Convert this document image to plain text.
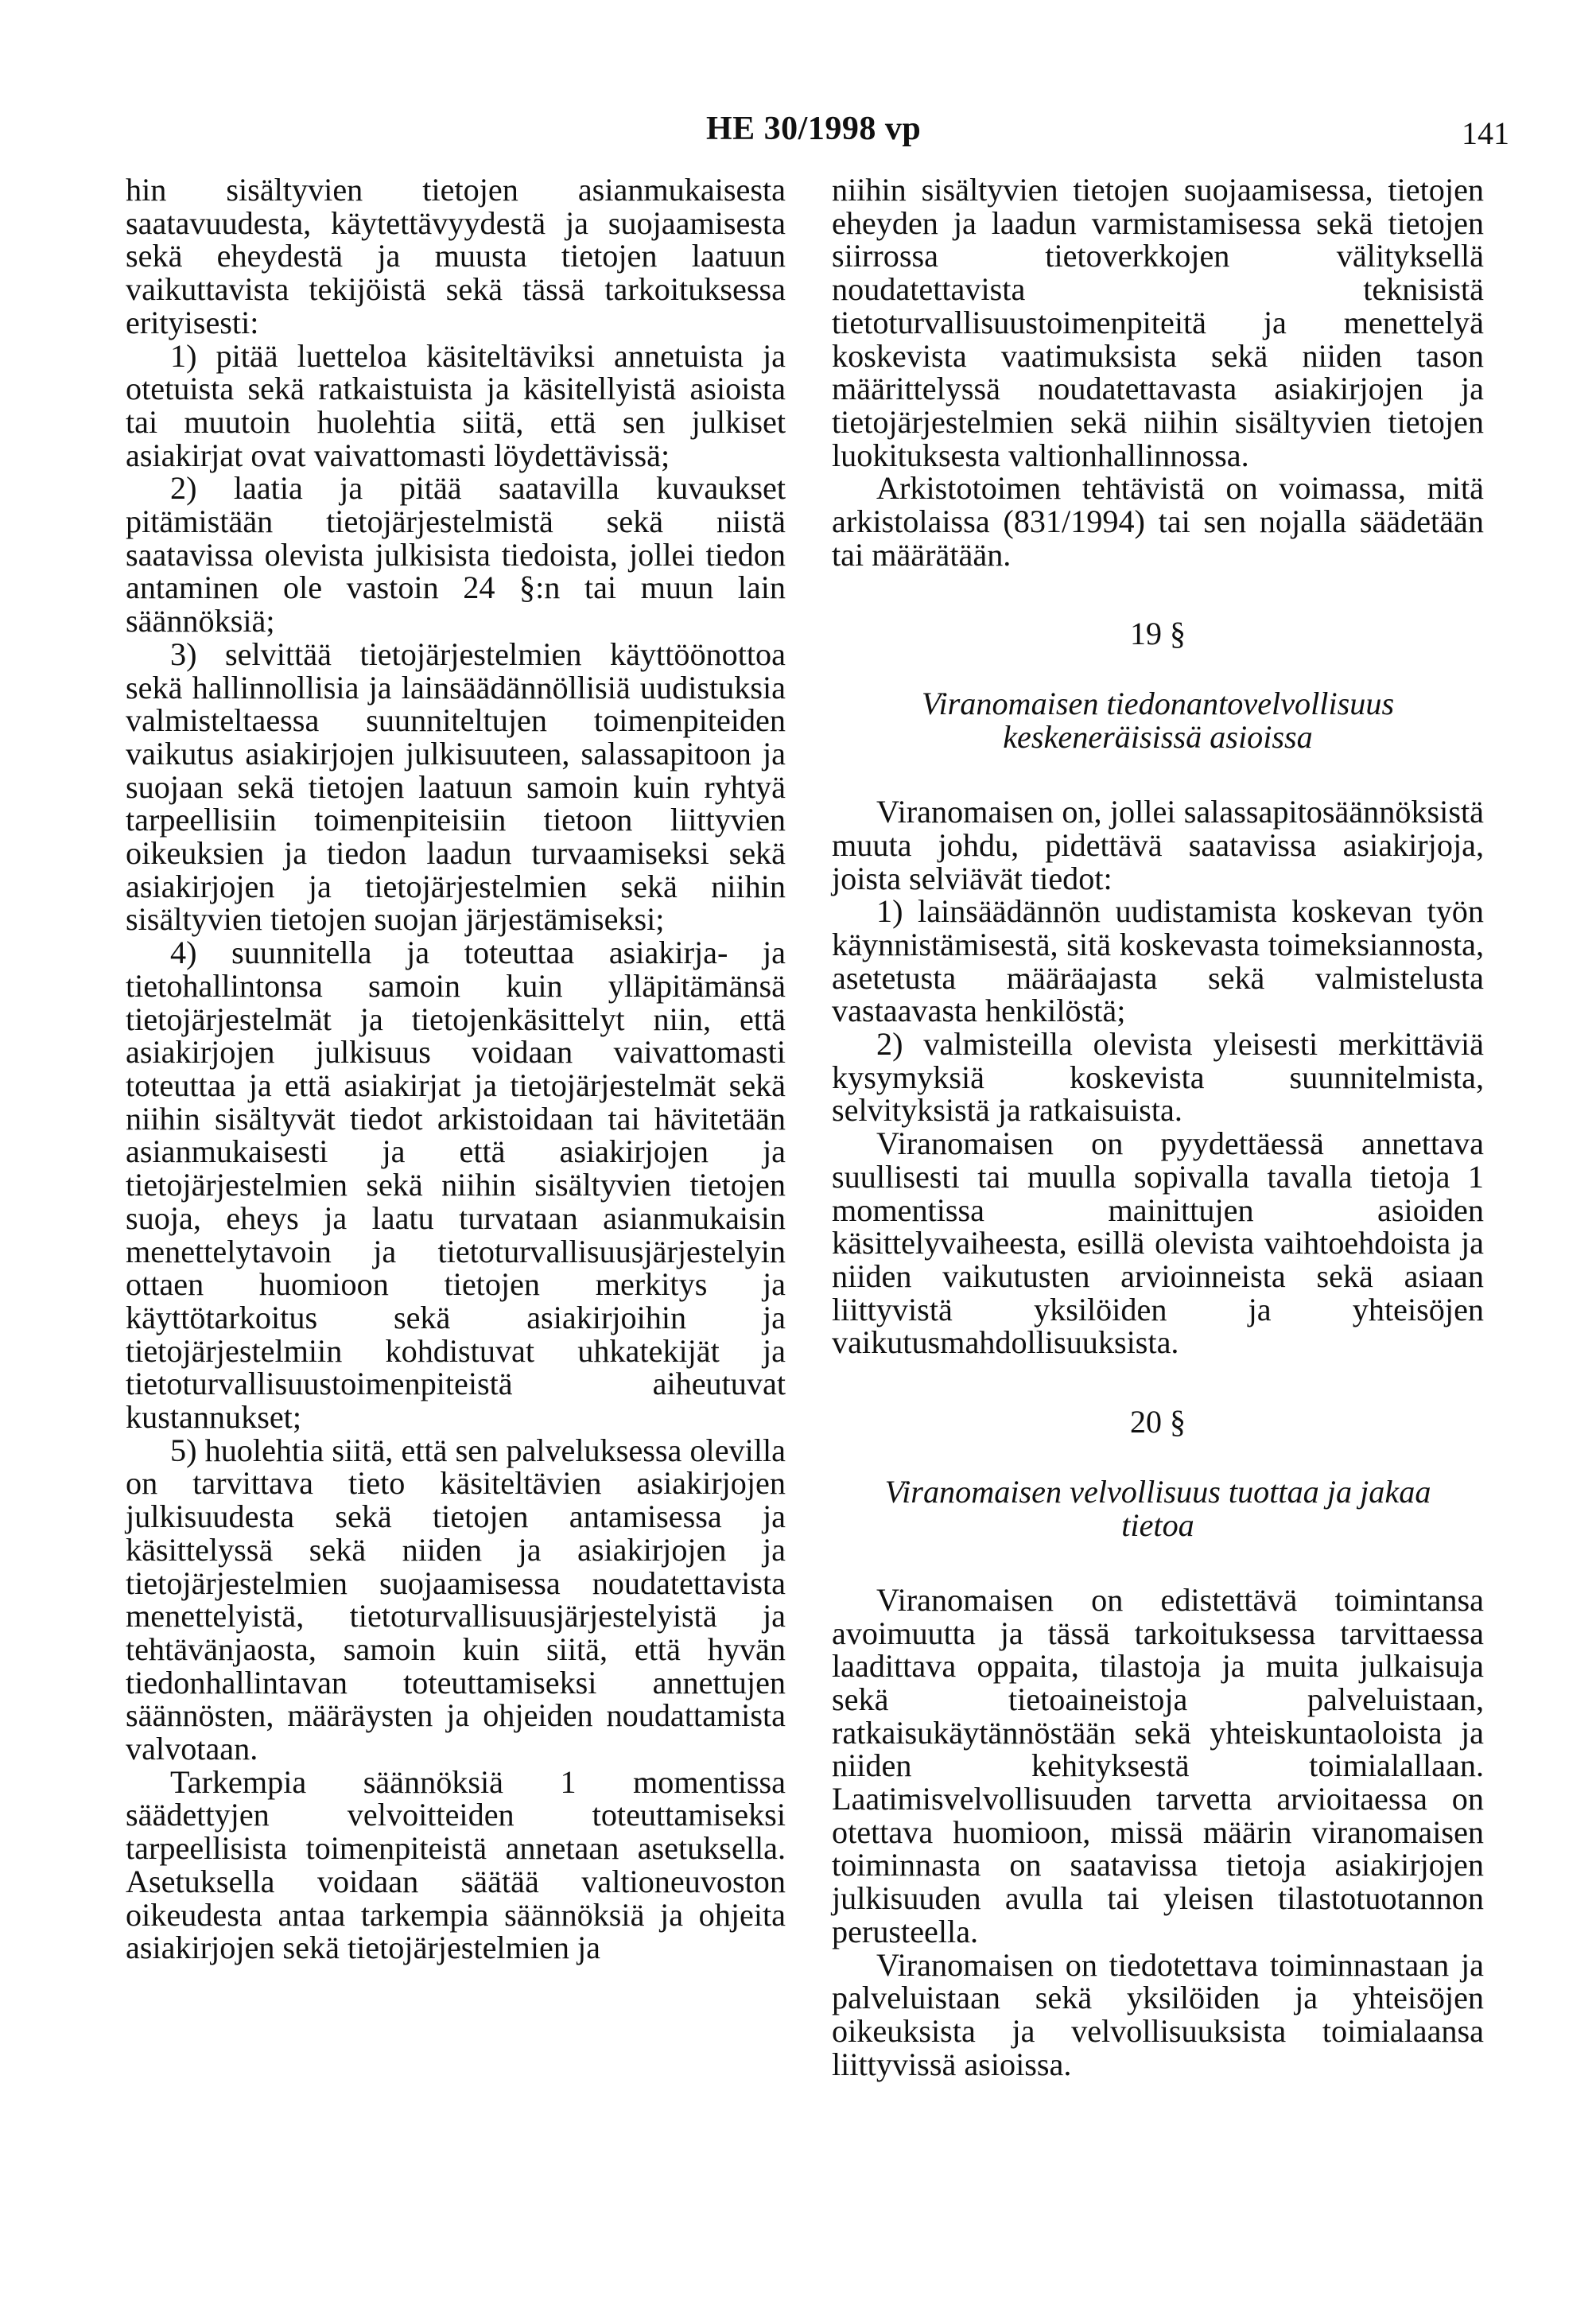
HE 30/1998 vp	141

hin sisältyvien tietojen asianmukaisesta saatavuudesta, käytettävyydestä ja suojaamisesta sekä eheydestä ja muusta tietojen laatuun vaikuttavista tekijöistä sekä tässä tarkoituksessa erityisesti:

1) pitää luetteloa käsiteltäviksi annetuista ja otetuista sekä ratkaistuista ja käsitellyistä asioista tai muutoin huolehtia siitä, että sen julkiset asiakirjat ovat vaivattomasti löydettävissä;

2) laatia ja pitää saatavilla kuvaukset pitämistään tietojärjestelmistä sekä niistä saatavissa olevista julkisista tiedoista, jollei tiedon antaminen ole vastoin 24 §:n tai muun lain säännöksiä;

3) selvittää tietojärjestelmien käyttöönottoa sekä hallinnollisia ja lainsäädännöllisiä uudistuksia valmisteltaessa suunniteltujen toimenpiteiden vaikutus asiakirjojen julkisuuteen, salassapitoon ja suojaan sekä tietojen laatuun samoin kuin ryhtyä tarpeellisiin toimenpiteisiin tietoon liittyvien oikeuksien ja tiedon laadun turvaamiseksi sekä asiakirjojen ja tietojärjestelmien sekä niihin sisältyvien tietojen suojan järjestämiseksi;

4) suunnitella ja toteuttaa asiakirja- ja tietohallintonsa samoin kuin ylläpitämänsä tietojärjestelmät ja tietojenkäsittelyt niin, että asiakirjojen julkisuus voidaan vaivattomasti toteuttaa ja että asiakirjat ja tietojärjestelmät sekä niihin sisältyvät tiedot arkistoidaan tai hävitetään asianmukaisesti ja että asiakirjojen ja tietojärjestelmien sekä niihin sisältyvien tietojen suoja, eheys ja laatu turvataan asianmukaisin menettelytavoin ja tietoturvallisuusjärjestelyin ottaen huomioon tietojen merkitys ja käyttötarkoitus sekä asiakirjoihin ja tietojärjestelmiin kohdistuvat uhkatekijät ja tietoturvallisuustoimenpiteistä aiheutuvat kustannukset;

5) huolehtia siitä, että sen palveluksessa olevilla on tarvittava tieto käsiteltävien asiakirjojen julkisuudesta sekä tietojen antamisessa ja käsittelyssä sekä niiden ja asiakirjojen ja tietojärjestelmien suojaamisessa noudatettavista menettelyistä, tietoturvallisuusjärjestelyistä ja tehtävänjaosta, samoin kuin siitä, että hyvän tiedonhallintavan toteuttamiseksi annettujen säännösten, määräysten ja ohjeiden noudattamista valvotaan.

Tarkempia säännöksiä 1 momentissa säädettyjen velvoitteiden toteuttamiseksi tarpeellisista toimenpiteistä annetaan asetuksella. Asetuksella voidaan säätää valtioneuvoston oikeudesta antaa tarkempia säännöksiä ja ohjeita asiakirjojen sekä tietojärjestelmien ja

niihin sisältyvien tietojen suojaamisessa, tietojen eheyden ja laadun varmistamisessa sekä tietojen siirrossa tietoverkkojen välityksellä noudatettavista teknisistä tietoturvallisuustoimenpiteitä ja menettelyä koskevista vaatimuksista sekä niiden tason määrittelyssä noudatettavasta asiakirjojen ja tietojärjestelmien sekä niihin sisältyvien tietojen luokituksesta valtionhallinnossa.

Arkistotoimen tehtävistä on voimassa, mitä arkistolaissa (831/1994) tai sen nojalla säädetään tai määrätään.

19 §
Viranomaisen tiedonantovelvollisuus keskeneräisissä asioissa

Viranomaisen on, jollei salassapitosäännöksistä muuta johdu, pidettävä saatavissa asiakirjoja, joista selviävät tiedot:

1) lainsäädännön uudistamista koskevan työn käynnistämisestä, sitä koskevasta toimeksiannosta, asetetusta määräajasta sekä valmistelusta vastaavasta henkilöstä;

2) valmisteilla olevista yleisesti merkittäviä kysymyksiä koskevista suunnitelmista, selvityksistä ja ratkaisuista.

Viranomaisen on pyydettäessä annettava suullisesti tai muulla sopivalla tavalla tietoja 1 momentissa mainittujen asioiden käsittelyvaiheesta, esillä olevista vaihtoehdoista ja niiden vaikutusten arvioinneista sekä asiaan liittyvistä yksilöiden ja yhteisöjen vaikutusmahdollisuuksista.

20 §
Viranomaisen velvollisuus tuottaa ja jakaa tietoa

Viranomaisen on edistettävä toimintansa avoimuutta ja tässä tarkoituksessa tarvittaessa laadittava oppaita, tilastoja ja muita julkaisuja sekä tietoaineistoja palveluistaan, ratkaisukäytännöstään sekä yhteiskuntaoloista ja niiden kehityksestä toimialallaan. Laatimisvelvollisuuden tarvetta arvioitaessa on otettava huomioon, missä määrin viranomaisen toiminnasta on saatavissa tietoja asiakirjojen julkisuuden avulla tai yleisen tilastotuotannon perusteella.

Viranomaisen on tiedotettava toiminnastaan ja palveluistaan sekä yksilöiden ja yhteisöjen oikeuksista ja velvollisuuksista toimialaansa liittyvissä asioissa.
